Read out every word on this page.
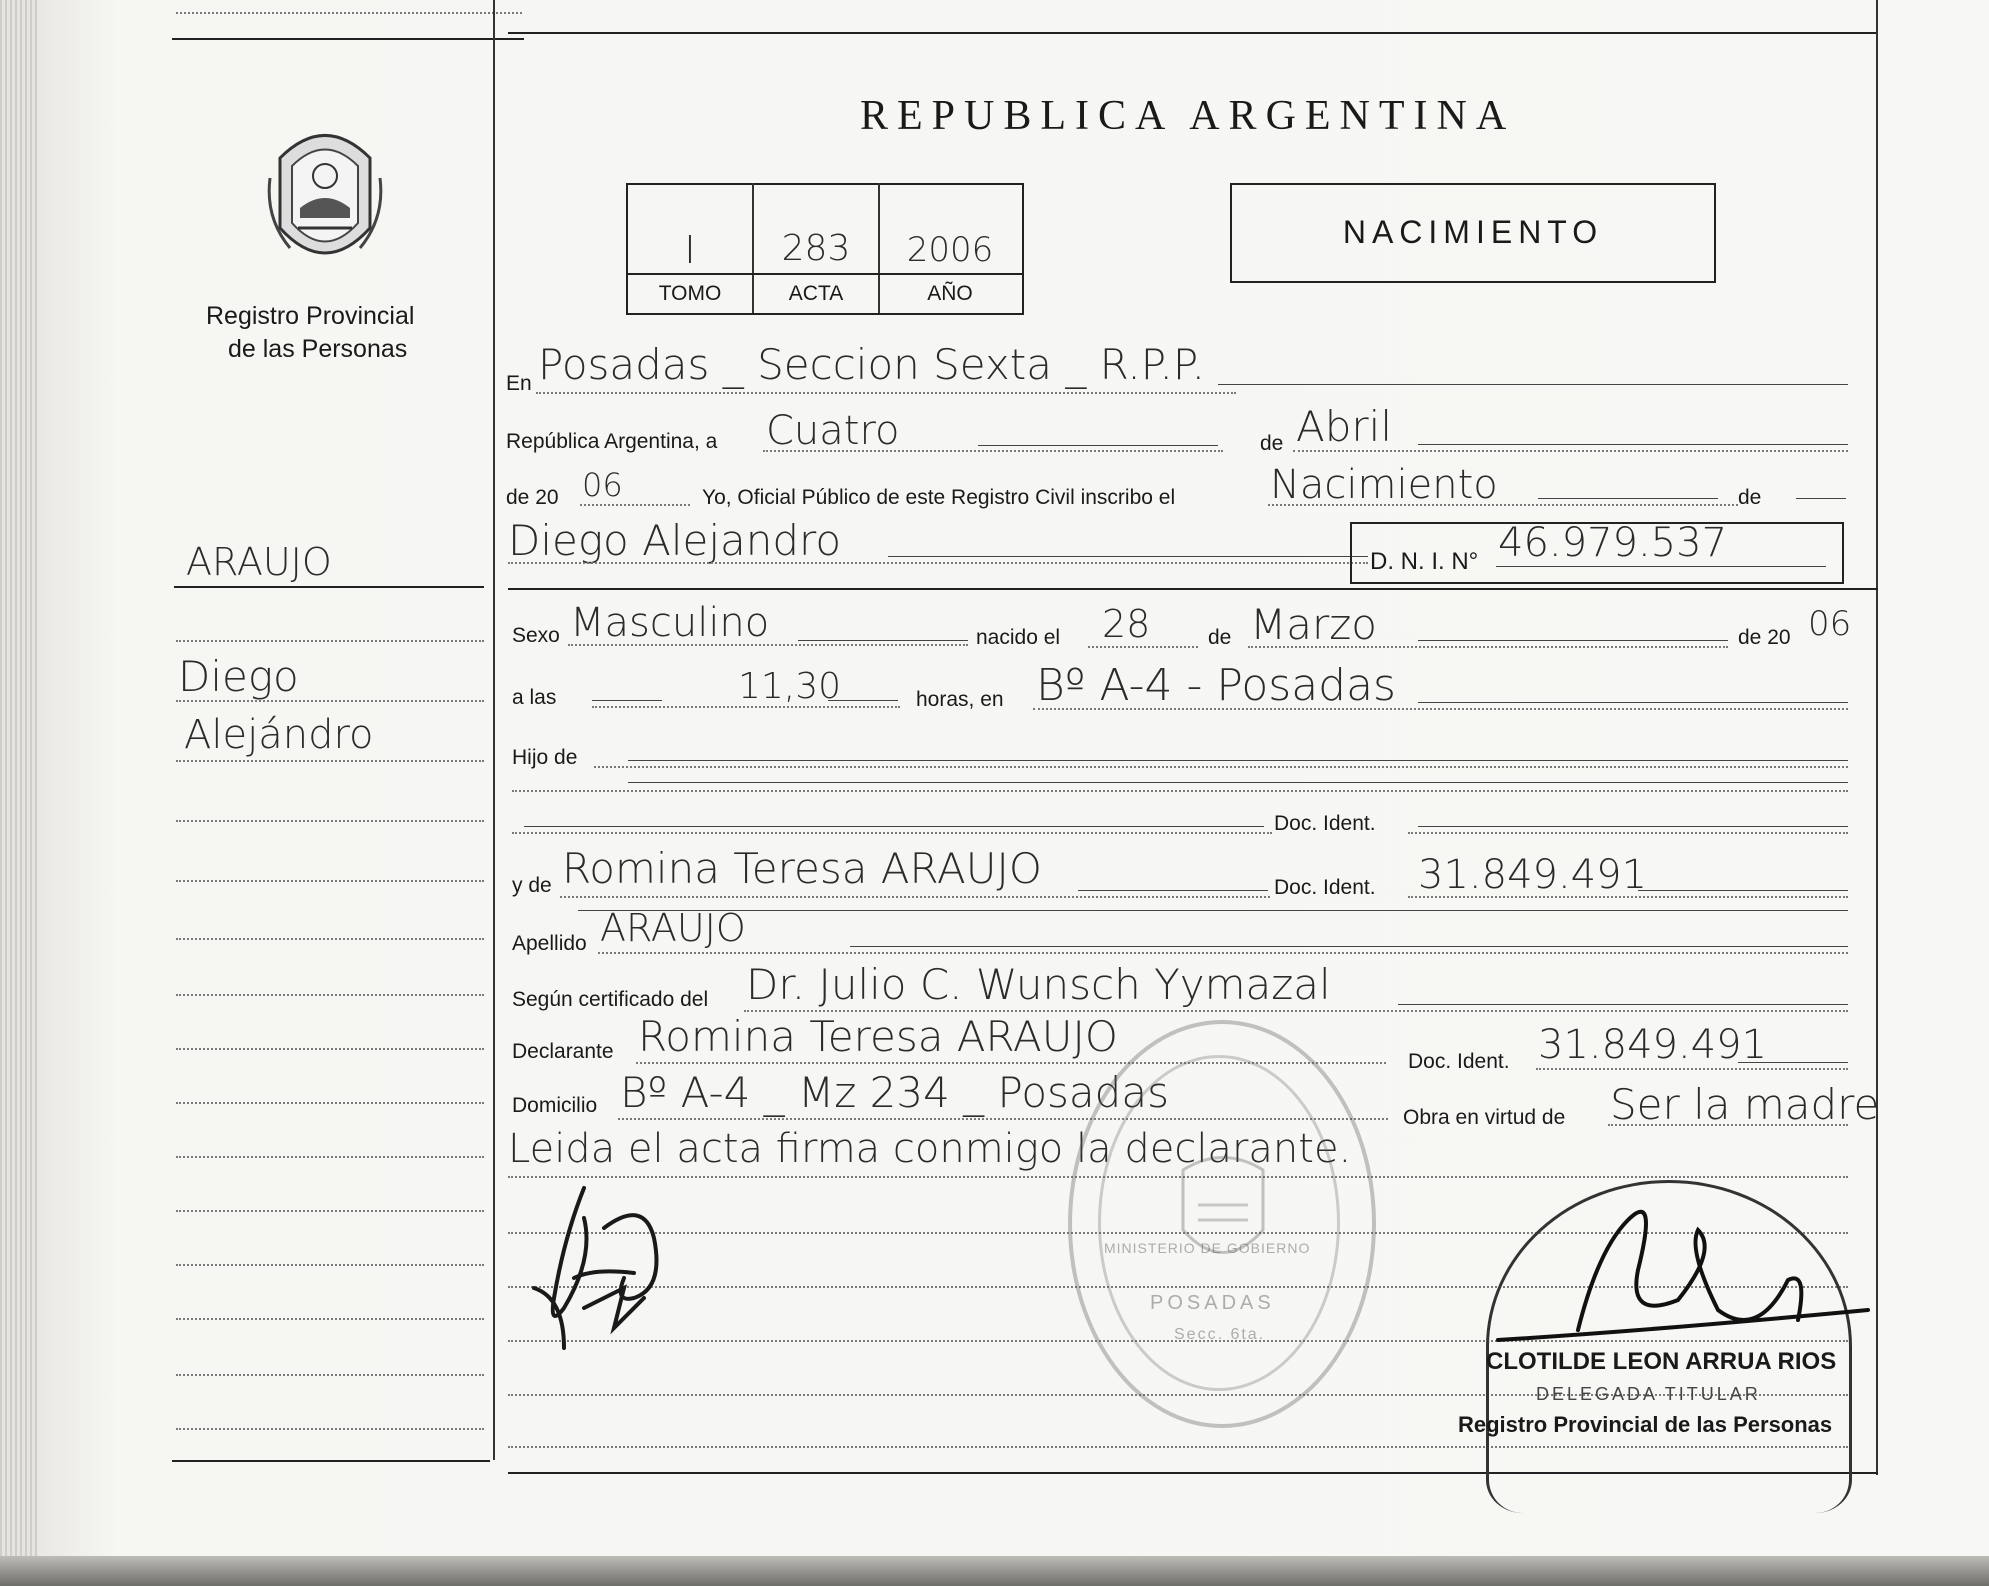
Registro Provincial
de las Personas
REPUBLICA ARGENTINA
I	283	2006
TOMO	ACTA	AÑO
NACIMIENTO
ARAUJO
Diego
Alejándro
En Posadas _ Seccion Sexta _ R.P.P.
República Argentina, a Cuatro	de Abril
de 20 06	Yo, Oficial Público de este Registro Civil inscribo el Nacimiento	de
Diego Alejandro	D. N. I. N° 46.979.537
Sexo Masculino	nacido el 28	de Marzo	de 20 06
a las	11,30	horas, en Bº A-4 - Posadas
Hijo de
Doc. Ident.
y de Romina Teresa ARAUJO	Doc. Ident. 31.849.491
Apellido ARAUJO
Según certificado del Dr. Julio C. Wunsch Yymazal
Declarante Romina Teresa ARAUJO
Doc. Ident. 31.849.491
Domicilio Bº A-4 _ Mz 234 _ Posadas
Obra en virtud de Ser la madre
Leida el acta firma conmigo la declarante.
POSADAS
Secc. 6ta.
MINISTERIO DE GOBIERNO
CLOTILDE LEON ARRUA RIOS
DELEGADA TITULAR
Registro Provincial de las Personas
